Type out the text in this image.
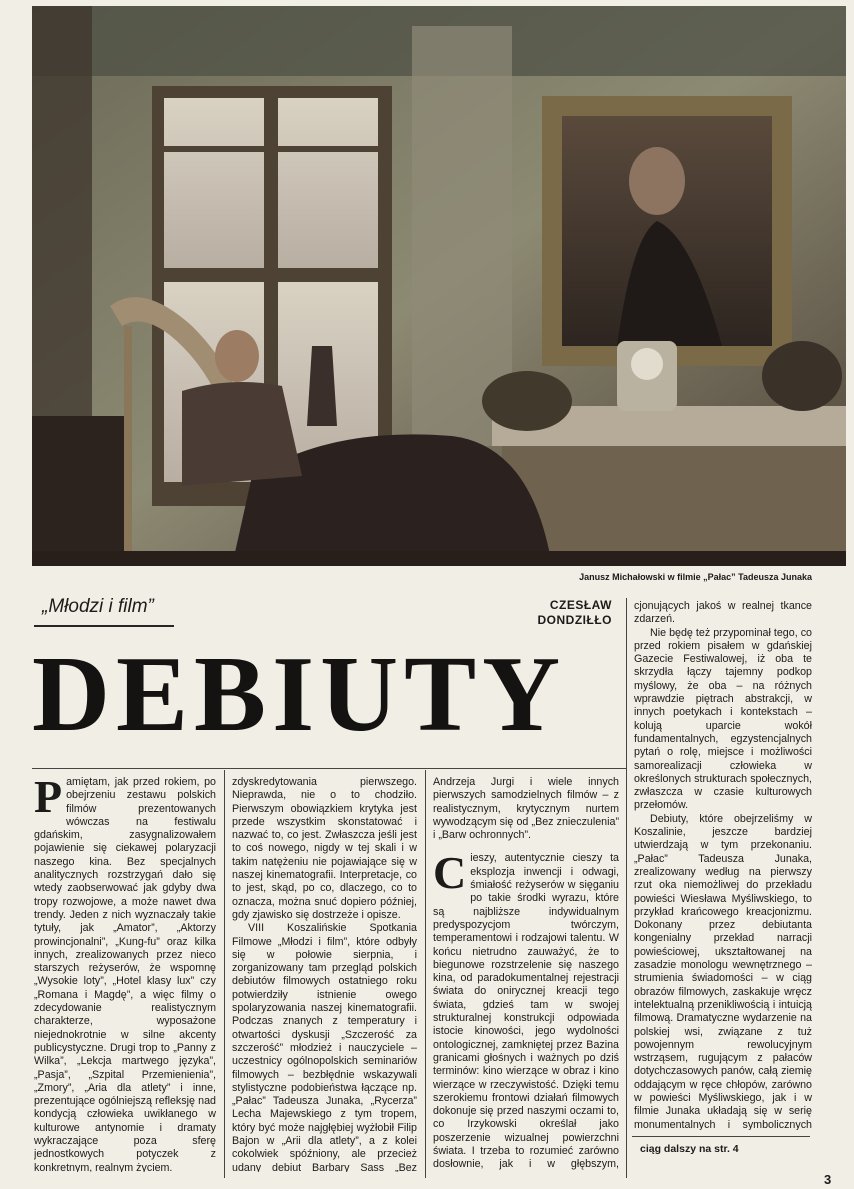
Janusz Michałowski w filmie „Pałac” Tadeusza Junaka
„Młodzi i film”	CZESŁAW
DONDZIŁŁO
DEBIUTY

Pamiętam, jak przed rokiem, po obejrzeniu zestawu polskich filmów prezentowanych wówczas na festiwalu gdańskim, zasygnalizowałem pojawienie się ciekawej polaryzacji naszego kina. Bez specjalnych analitycznych rozstrzygań dało się wtedy zaobserwować jak gdyby dwa tropy rozwojowe, a może nawet dwa trendy. Jeden z nich wyznaczały takie tytuły, jak „Amator”, „Aktorzy prowincjonalni”, „Kung-fu” oraz kilka innych, zrealizowanych przez nieco starszych reżyserów, że wspomnę „Wysokie loty”, „Hotel klasy lux” czy „Romana i Magdę”, a więc filmy o zdecydowanie realistycznym charakterze, wyposażone niejednokrotnie w silne akcenty publicystyczne. Drugi trop to „Panny z Wilka”, „Lekcja martwego języka”, „Pasja”, „Szpital Przemienienia”, „Zmory”, „Aria dla atlety” i inne, prezentujące ogólniejszą refleksję nad kondycją człowieka uwikłanego w kulturowe antynomie i dramaty wykraczające poza sferę jednostkowych potyczek z konkretnym, realnym życiem.

zdyskredytowania pierwszego. Nieprawda, nie o to chodziło. Pierwszym obowiązkiem krytyka jest przede wszystkim skonstatować i nazwać to, co jest. Zwłaszcza jeśli jest to coś nowego, nigdy w tej skali i w takim natężeniu nie pojawiające się w naszej kinematografii. Interpretacje, co to jest, skąd, po co, dlaczego, co to oznacza, można snuć dopiero później, gdy zjawisko się dostrzeże i opisze.

VIII Koszalińskie Spotkania Filmowe „Młodzi i film”, które odbyły się w połowie sierpnia, i zorganizowany tam przegląd polskich debiutów filmowych ostatniego roku potwierdziły istnienie owego spolaryzowania naszej kinematografii. Podczas znanych z temperatury i otwartości dyskusji „Szczerość za szczerość” młodzież i nauczyciele – uczestnicy ogólnopolskich seminariów filmowych – bezbłędnie wskazywali stylistyczne podobieństwa łączące np. „Pałac” Tadeusza Junaka, „Rycerza” Lecha Majewskiego z tym tropem, który być może najgłębiej wyżłobił Filip Bajon w „Arii dla atlety”, a z kolei cokolwiek spóźniony, ale przecież udany debiut Barbary Sass „Bez

Andrzeja Jurgi i wiele innych pierwszych samodzielnych filmów – z realistycznym, krytycznym nurtem wywodzącym się od „Bez znieczulenia” i „Barw ochronnych”.

Cieszy, autentycznie cieszy ta eksplozja inwencji i odwagi, śmiałość reżyserów w sięganiu po takie środki wyrazu, które są najbliższe indywidualnym predyspozycjom twórczym, temperamentowi i rodzajowi talentu. W końcu nietrudno zauważyć, że to biegunowe rozstrzelenie się naszego kina, od paradokumentalnej rejestracji świata do onirycznej kreacji tego świata, gdzieś tam w swojej strukturalnej konstrukcji odpowiada istocie kinowości, jego wydolności ontologicznej, zamkniętej przez Bazina granicami głośnych i ważnych po dziś terminów: kino wierzące w obraz i kino wierzące w rzeczywistość. Dzięki temu szerokiemu frontowi działań filmowych dokonuje się przed naszymi oczami to, co Irzykowski określał jako poszerzenie wizualnej powierzchni świata. I trzeba to rozumieć zarówno dosłownie, jak i w głębszym,

cjonujących jakoś w realnej tkance zdarzeń.

Nie będę też przypominał tego, co przed rokiem pisałem w gdańskiej Gazecie Festiwalowej, iż oba te skrzydła łączy tajemny podkop myślowy, że oba – na różnych wprawdzie piętrach abstrakcji, w innych poetykach i kontekstach – kolują uparcie wokół fundamentalnych, egzystencjalnych pytań o rolę, miejsce i możliwości samorealizacji człowieka w określonych strukturach społecznych, zwłaszcza w czasie kulturowych przełomów.

Debiuty, które obejrzeliśmy w Koszalinie, jeszcze bardziej utwierdzają w tym przekonaniu. „Pałac” Tadeusza Junaka, zrealizowany według na pierwszy rzut oka niemożliwej do przekładu powieści Wiesława Myśliwskiego, to przykład krańcowego kreacjonizmu. Dokonany przez debiutanta kongenialny przekład narracji powieściowej, ukształtowanej na zasadzie monologu wewnętrznego – strumienia świadomości – w ciąg obrazów filmowych, zaskakuje wręcz intelektualną przenikliwością i intuicją filmową. Dramatyczne wydarzenie na polskiej wsi, związane z tuż powojennym rewolucyjnym wstrząsem, rugującym z pałaców dotychczasowych panów, całą ziemię oddającym w ręce chłopów, zarówno w powieści Myśliwskiego, jak i w filmie Junaka układają się w serię monumentalnych i symbolicznych

ciąg dalszy na str. 4
3
